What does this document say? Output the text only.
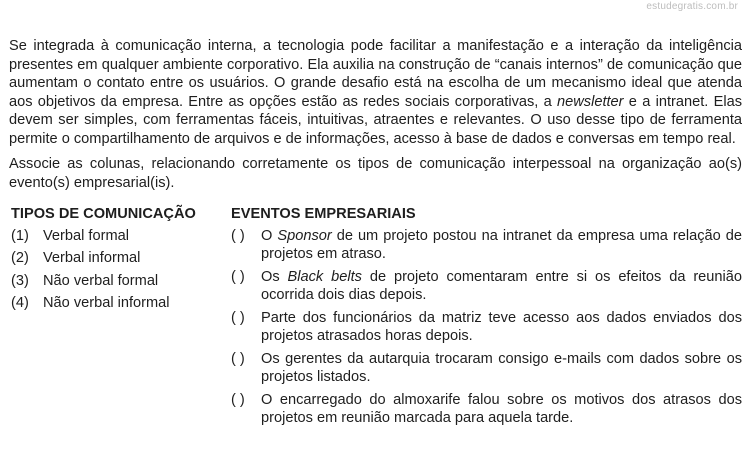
estudegratis.com.br

Se integrada à comunicação interna, a tecnologia pode facilitar a manifestação e a interação da inteligência presentes em qualquer ambiente corporativo. Ela auxilia na construção de “canais internos” de comunicação que aumentam o contato entre os usuários. O grande desafio está na escolha de um mecanismo ideal que atenda aos objetivos da empresa. Entre as opções estão as redes sociais corporativas, a newsletter e a intranet. Elas devem ser simples, com ferramentas fáceis, intuitivas, atraentes e relevantes. O uso desse tipo de ferramenta permite o compartilhamento de arquivos e de informações, acesso à base de dados e conversas em tempo real.

Associe as colunas, relacionando corretamente os tipos de comunicação interpessoal na organização ao(s) evento(s) empresarial(is).

TIPOS DE COMUNICAÇÃO
(1) Verbal formal
(2) Verbal informal
(3) Não verbal formal
(4) Não verbal informal
EVENTOS EMPRESARIAIS
( )	O Sponsor de um projeto postou na intranet da empresa uma relação de projetos em atraso.
( )	Os Black belts de projeto comentaram entre si os efeitos da reunião ocorrida dois dias depois.
( )	Parte dos funcionários da matriz teve acesso aos dados enviados dos projetos atrasados horas depois.
( )	Os gerentes da autarquia trocaram consigo e-mails com dados sobre os projetos listados.
( )	O encarregado do almoxarife falou sobre os motivos dos atrasos dos projetos em reunião marcada para aquela tarde.
